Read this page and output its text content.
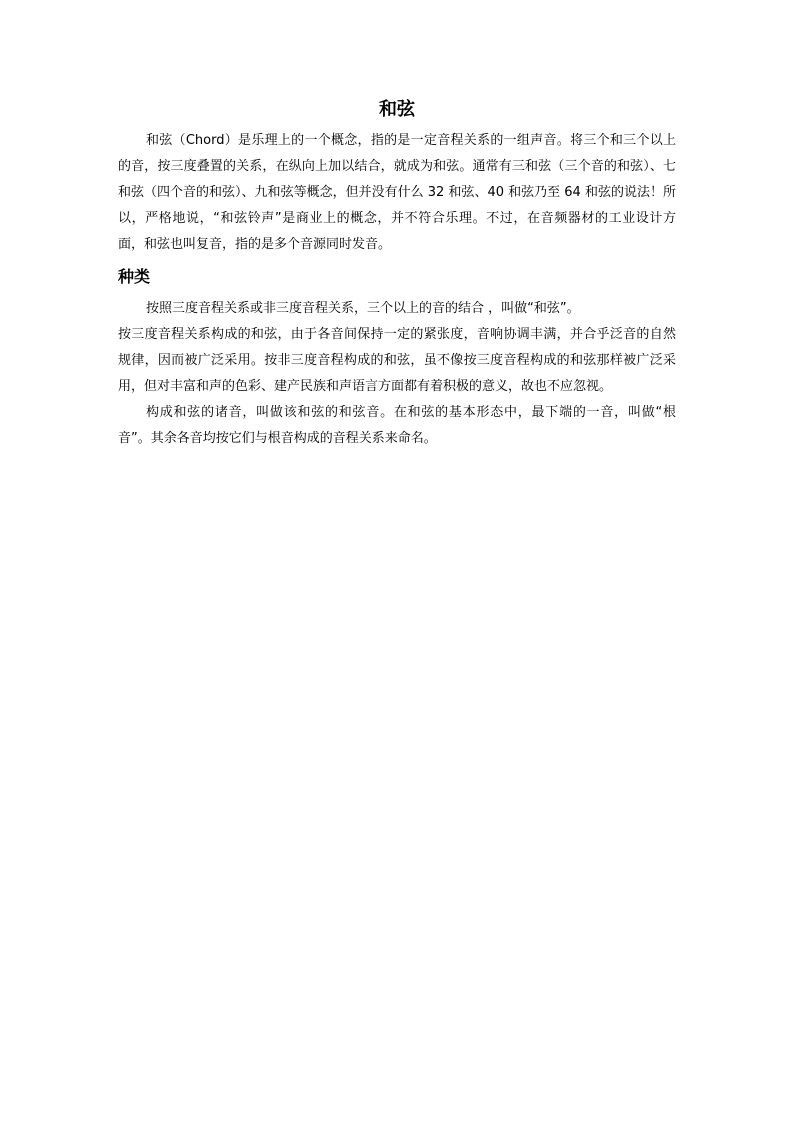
和弦

和弦（Chord）是乐理上的一个概念，指的是一定音程关系的一组声音。将三个和三个以上的音，按三度叠置的关系，在纵向上加以结合，就成为和弦。通常有三和弦（三个音的和弦）、七和弦（四个音的和弦）、九和弦等概念，但并没有什么 32 和弦、40 和弦乃至 64 和弦的说法！所以，严格地说，“和弦铃声”是商业上的概念，并不符合乐理。不过，在音频器材的工业设计方面，和弦也叫复音，指的是多个音源同时发音。

种类

按照三度音程关系或非三度音程关系，三个以上的音的结合 ，叫做“和弦”。

按三度音程关系构成的和弦，由于各音间保持一定的紧张度，音响协调丰满，并合乎泛音的自然规律，因而被广泛采用。按非三度音程构成的和弦，虽不像按三度音程构成的和弦那样被广泛采用，但对丰富和声的色彩、建产民族和声语言方面都有着积极的意义，故也不应忽视。

构成和弦的诸音，叫做该和弦的和弦音。在和弦的基本形态中，最下端的一音，叫做“根音”。其余各音均按它们与根音构成的音程关系来命名。
